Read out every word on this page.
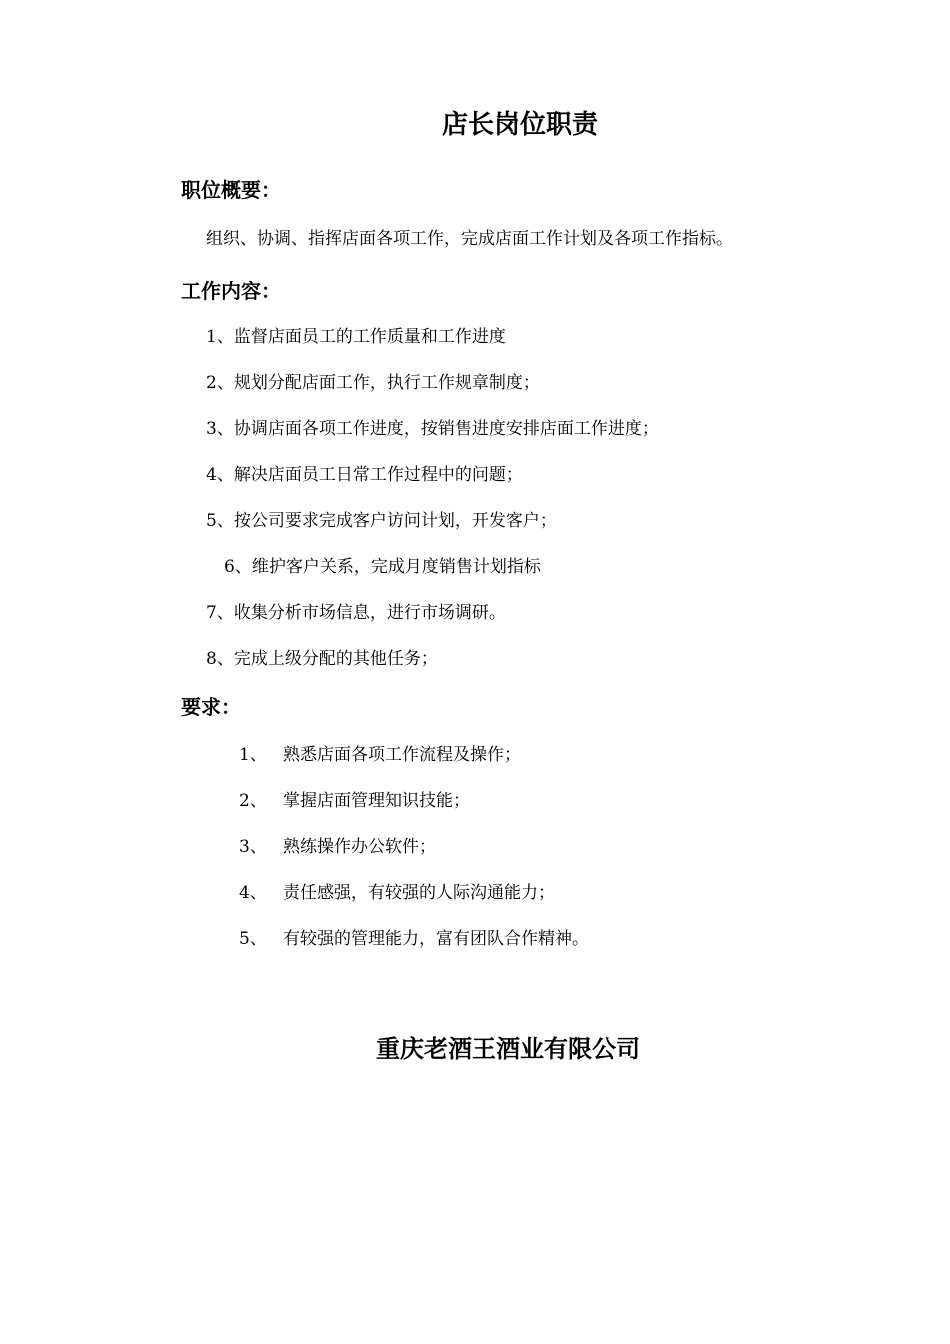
店长岗位职责
职位概要：
组织、协调、指挥店面各项工作，完成店面工作计划及各项工作指标。
工作内容：
1、监督店面员工的工作质量和工作进度
2、规划分配店面工作，执行工作规章制度；
3、协调店面各项工作进度，按销售进度安排店面工作进度；
4、解决店面员工日常工作过程中的问题；
5、按公司要求完成客户访问计划，开发客户；
6、维护客户关系，完成月度销售计划指标
7、收集分析市场信息，进行市场调研。
8、完成上级分配的其他任务；
要求：
1、 熟悉店面各项工作流程及操作；
2、 掌握店面管理知识技能；
3、 熟练操作办公软件；
4、 责任感强，有较强的人际沟通能力；
5、 有较强的管理能力，富有团队合作精神。
重庆老酒王酒业有限公司
